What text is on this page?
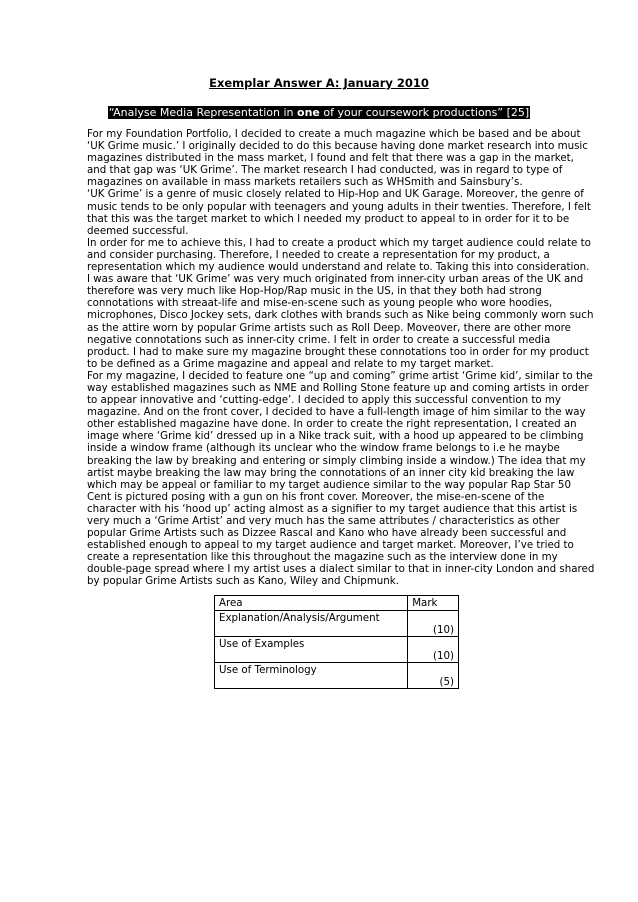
Exemplar Answer A: January 2010
“Analyse Media Representation in one of your coursework productions” [25]

For my Foundation Portfolio, I decided to create a much magazine which be based and be about ‘UK Grime music.’ I originally decided to do this because having done market research into music magazines distributed in the mass market, I found and felt that there was a gap in the market, and that gap was ‘UK Grime’. The market research I had conducted, was in regard to type of magazines on available in mass markets retailers such as WHSmith and Sainsbury’s.

‘UK Grime’ is a genre of music closely related to Hip-Hop and UK Garage. Moreover, the genre of music tends to be only popular with teenagers and young adults in their twenties. Therefore, I felt that this was the target market to which I needed my product to appeal to in order for it to be deemed successful.

In order for me to achieve this, I had to create a product which my target audience could relate to and consider purchasing. Therefore, I needed to create a representation for my product, a representation which my audience would understand and relate to. Taking this into consideration. I was aware that ‘UK Grime’ was very much originated from inner-city urban areas of the UK and therefore was very much like Hop-Hop/Rap music in the US, in that they both had strong connotations with streaat-life and mise-en-scene such as young people who wore hoodies, microphones, Disco Jockey sets, dark clothes with brands such as Nike being commonly worn such as the attire worn by popular Grime artists such as Roll Deep. Moveover, there are other more negative connotations such as inner-city crime. I felt in order to create a successful media product. I had to make sure my magazine brought these connotations too in order for my product to be defined as a Grime magazine and appeal and relate to my target market.

For my magazine, I decided to feature one “up and coming” grime artist ‘Grime kid’, similar to the way established magazines such as NME and Rolling Stone feature up and coming artists in order to appear innovative and ‘cutting-edge’. I decided to apply this successful convention to my magazine. And on the front cover, I decided to have a full-length image of him similar to the way other established magazine have done. In order to create the right representation, I created an image where ‘Grime kid’ dressed up in a Nike track suit, with a hood up appeared to be climbing inside a window frame (although its unclear who the window frame belongs to i.e he maybe breaking the law by breaking and entering or simply climbing inside a window.) The idea that my artist maybe breaking the law may bring the connotations of an inner city kid breaking the law which may be appeal or familiar to my target audience similar to the way popular Rap Star 50 Cent is pictured posing with a gun on his front cover. Moreover, the mise-en-scene of the character with his ‘hood up’ acting almost as a signifier to my target audience that this artist is very much a ‘Grime Artist’ and very much has the same attributes / characteristics as other popular Grime Artists such as Dizzee Rascal and Kano who have already been successful and established enough to appeal to my target audience and target market. Moreover, I’ve tried to create a representation like this throughout the magazine such as the interview done in my double-page spread where I my artist uses a dialect similar to that in inner-city London and shared by popular Grime Artists such as Kano, Wiley and Chipmunk.

Area	Mark
Explanation/Analysis/Argument	(10)
Use of Examples	(10)
Use of Terminology	(5)
